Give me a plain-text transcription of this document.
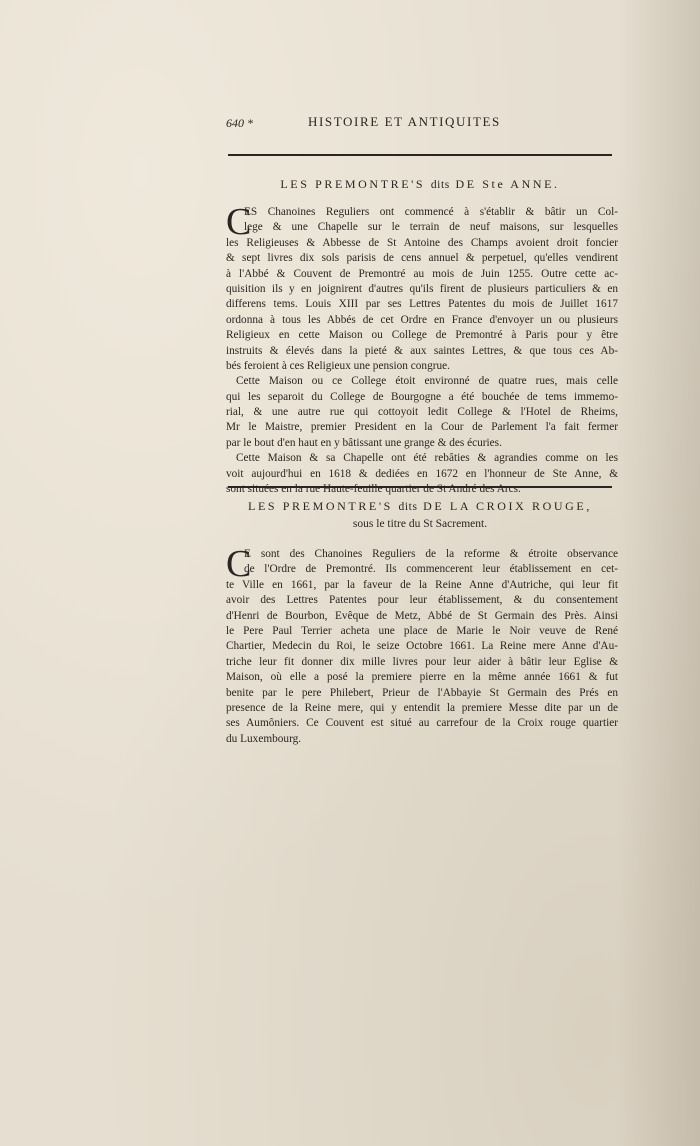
640 *	HISTOIRE ET ANTIQUITES
LES PREMONTRE'S dits DE Ste ANNE.
C
ES Chanoines Reguliers ont commencé à s'établir & bâtir un Col-
lege & une Chapelle sur le terrain de neuf maisons, sur lesquelles
les Religieuses & Abbesse de St Antoine des Champs avoient droit foncier
& sept livres dix sols parisis de cens annuel & perpetuel, qu'elles vendirent
à l'Abbé & Couvent de Premontré au mois de Juin 1255. Outre cette ac-
quisition ils y en joignirent d'autres qu'ils firent de plusieurs particuliers & en
differens tems. Louis XIII par ses Lettres Patentes du mois de Juillet 1617
ordonna à tous les Abbés de cet Ordre en France d'envoyer un ou plusieurs
Religieux en cette Maison ou College de Premontré à Paris pour y être
instruits & élevés dans la pieté & aux saintes Lettres, & que tous ces Ab-
bés feroient à ces Religieux une pension congrue.
Cette Maison ou ce College étoit environné de quatre rues, mais celle
qui les separoit du College de Bourgogne a été bouchée de tems immemo-
rial, & une autre rue qui cottoyoit ledit College & l'Hotel de Rheims,
Mr le Maistre, premier President en la Cour de Parlement l'a fait fermer
par le bout d'en haut en y bâtissant une grange & des écuries.
Cette Maison & sa Chapelle ont été rebâties & agrandies comme on les
voit aujourd'hui en 1618 & dediées en 1672 en l'honneur de Ste Anne, &
sont situées en la rue Haute-feuille quartier de St André des Arcs.
LES PREMONTRE'S dits DE LA CROIX ROUGE,
sous le titre du St Sacrement.
C
E sont des Chanoines Reguliers de la reforme & étroite observance
de l'Ordre de Premontré. Ils commencerent leur établissement en cet-
te Ville en 1661, par la faveur de la Reine Anne d'Autriche, qui leur fit
avoir des Lettres Patentes pour leur établissement, & du consentement
d'Henri de Bourbon, Evêque de Metz, Abbé de St Germain des Près. Ainsi
le Pere Paul Terrier acheta une place de Marie le Noir veuve de René
Chartier, Medecin du Roi, le seize Octobre 1661. La Reine mere Anne d'Au-
triche leur fit donner dix mille livres pour leur aider à bâtir leur Eglise &
Maison, où elle a posé la premiere pierre en la même année 1661 & fut
benite par le pere Philebert, Prieur de l'Abbayie St Germain des Prés en
presence de la Reine mere, qui y entendit la premiere Messe dite par un de
ses Aumôniers. Ce Couvent est situé au carrefour de la Croix rouge quartier
du Luxembourg.
